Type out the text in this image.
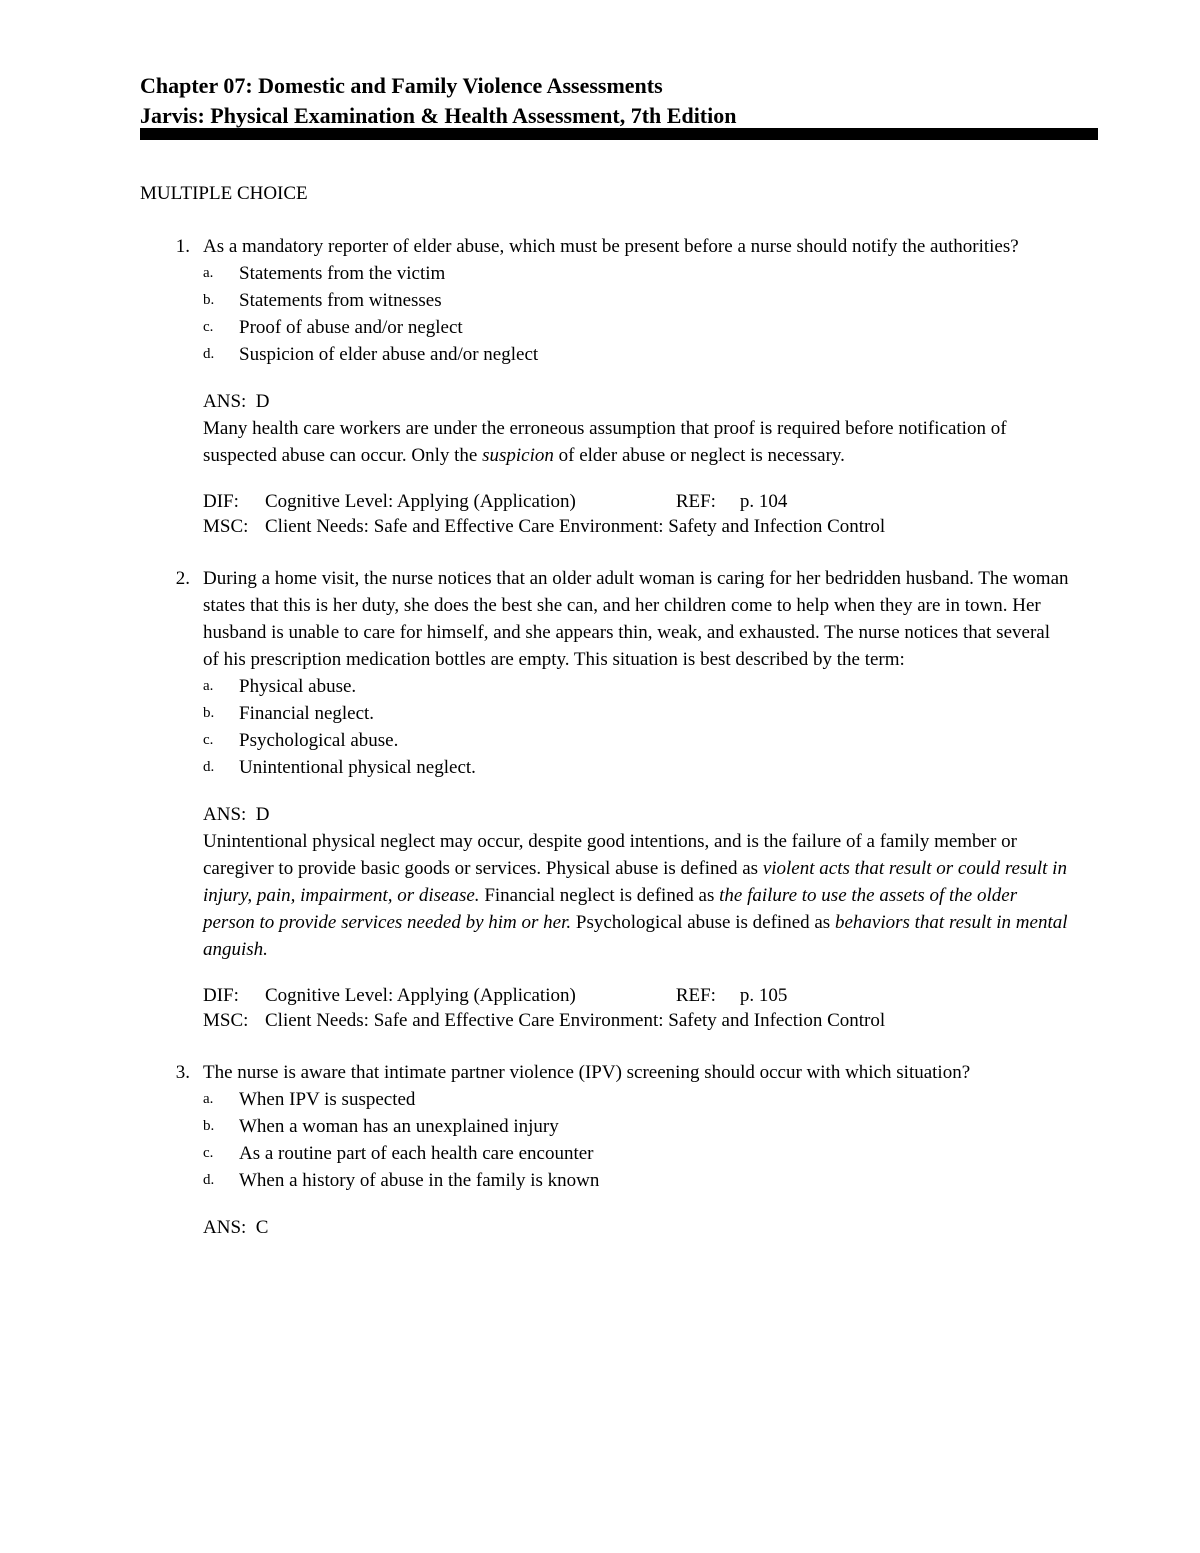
Chapter 07: Domestic and Family Violence Assessments
Jarvis: Physical Examination & Health Assessment, 7th Edition
MULTIPLE CHOICE
1. As a mandatory reporter of elder abuse, which must be present before a nurse should notify the authorities?
a. Statements from the victim
b. Statements from witnesses
c. Proof of abuse and/or neglect
d. Suspicion of elder abuse and/or neglect
ANS: D
Many health care workers are under the erroneous assumption that proof is required before notification of suspected abuse can occur. Only the suspicion of elder abuse or neglect is necessary.
DIF: Cognitive Level: Applying (Application)	REF: p. 104
MSC: Client Needs: Safe and Effective Care Environment: Safety and Infection Control
2. During a home visit, the nurse notices that an older adult woman is caring for her bedridden husband. The woman states that this is her duty, she does the best she can, and her children come to help when they are in town. Her husband is unable to care for himself, and she appears thin, weak, and exhausted. The nurse notices that several of his prescription medication bottles are empty. This situation is best described by the term:
a. Physical abuse.
b. Financial neglect.
c. Psychological abuse.
d. Unintentional physical neglect.
ANS: D
Unintentional physical neglect may occur, despite good intentions, and is the failure of a family member or caregiver to provide basic goods or services. Physical abuse is defined as violent acts that result or could result in injury, pain, impairment, or disease. Financial neglect is defined as the failure to use the assets of the older person to provide services needed by him or her. Psychological abuse is defined as behaviors that result in mental anguish.
DIF: Cognitive Level: Applying (Application)	REF: p. 105
MSC: Client Needs: Safe and Effective Care Environment: Safety and Infection Control
3. The nurse is aware that intimate partner violence (IPV) screening should occur with which situation?
a. When IPV is suspected
b. When a woman has an unexplained injury
c. As a routine part of each health care encounter
d. When a history of abuse in the family is known
ANS: C
